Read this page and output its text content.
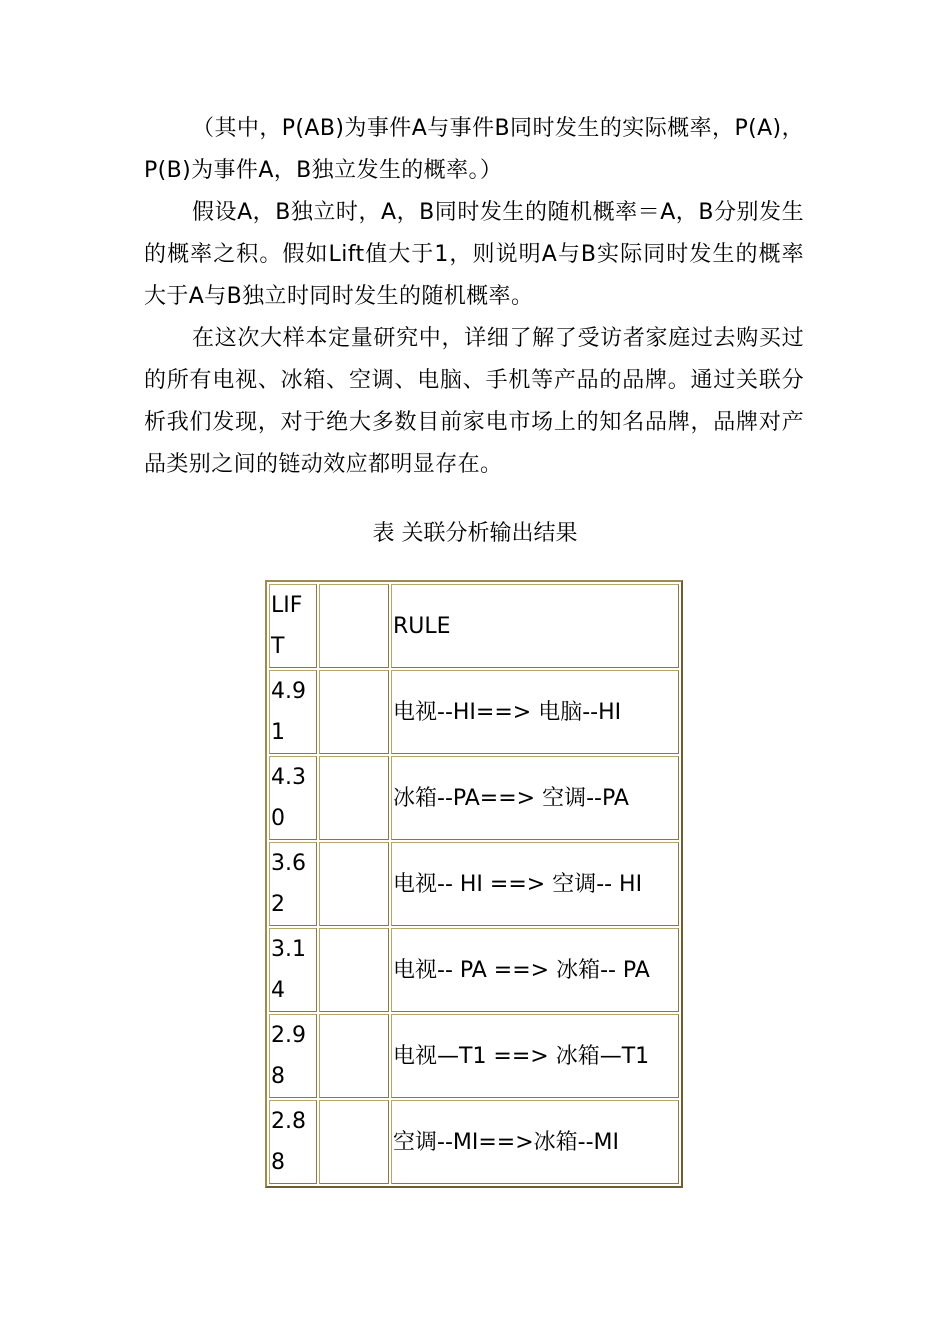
（其中，P(AB)为事件A与事件B同时发生的实际概率，P(A)，P(B)为事件A，B独立发生的概率。）

假设A，B独立时，A，B同时发生的随机概率＝A，B分别发生的概率之积。假如Lift值大于1，则说明A与B实际同时发生的概率大于A与B独立时同时发生的随机概率。

在这次大样本定量研究中，详细了解了受访者家庭过去购买过的所有电视、冰箱、空调、电脑、手机等产品的品牌。通过关联分析我们发现，对于绝大多数目前家电市场上的知名品牌，品牌对产品类别之间的链动效应都明显存在。

表 关联分析输出结果
LIFT		RULE
4.91		电视--HI==> 电脑--HI
4.30		冰箱--PA==> 空调--PA
3.62		电视-- HI ==> 空调-- HI
3.14		电视-- PA ==> 冰箱-- PA
2.98		电视—T1 ==> 冰箱—T1
2.88		空调--MI==>冰箱--MI
